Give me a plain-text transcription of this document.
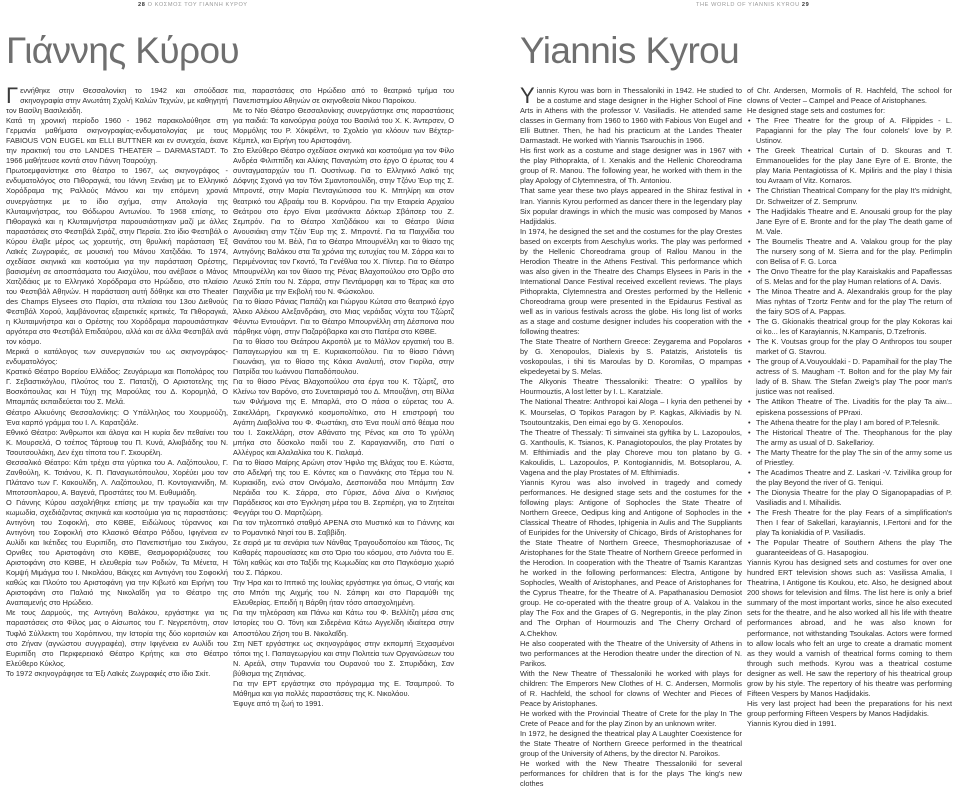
28 Ο ΚΟΣΜΟΣ ΤΟΥ ΓΙΑΝΝΗ ΚΥΡΟΥ	THE WORLD OF YIANNIS KYROU 29
Γιάννης Κύρου	Yiannis Kyrou
Γ εννήθηκε στην Θεσσαλονίκη το 1942 και σπούδασε σκηνογραφία στην Ανωτάτη Σχολή Καλών Τεχνών, με καθηγητή τον Βασίλη Βασιλειάδη.

Κατά τη χρονική περίοδο 1960 - 1962 παρακολούθησε στη Γερμανία μαθήματα σκηνογραφίας-ενδυματολογίας με τους FABIOUS VON EUGEL και ELLI BUTTNER και εν συνεχεία, έκανε την πρακτική του στο LANDES THEATER – DARMASTADT. Το 1966 μαθήτευσε κοντά στον Γιάννη Τσαρούχη.

Πρωτοεμφανίστηκε στο θέατρο το 1967, ως σκηνογράφος - ενδυματολόγος στο Πιθοραγκά, του Ιάννη Ξενάκη με το Ελληνικό Χορόδραμα της Ραλλούς Μάνου και την επόμενη χρονιά συνεργάστηκε με το ίδιο σχήμα, στην Απολογία της Κλυταιμνήστρας, του Θόδωρου Αντωνίου. Το 1968 επίσης, το Πιθοραγκά και η Κλυταιμνήστρα παρουσιάστηκαν μαζί με άλλες παραστάσεις στο Φεστιβάλ Σιράζ, στην Περσία. Στο ίδιο Φεστιβάλ ο Κύρου έλαβε μέρος ως χορευτής, στη θρυλική παράσταση Έξ Λαϊκές Ζωγραφιές, σε μουσική του Μάνου Χατζιδάκι. Το 1974, σχεδίασε σκηνικά και κοστούμια για την παράσταση Ορέστης, βασισμένη σε αποσπάσματα του Αισχύλου, που ανέβασε ο Μάνος Χατζιδάκις με το Ελληνικό Χορόδραμα στο Ηρώδειο, στο πλαίσιο του Φεστιβάλ Αθηνών. Η παράσταση αυτή δόθηκε και στο Theater des Champs Elysees στο Παρίσι, στα πλαίσια του 13ου Διεθνούς Φεστιβάλ Χορού, λαμβάνοντας εξαιρετικές κριτικές. Τα Πιθοραγκά, η Κλυταιμνήστρα και ο Ορέστης του Χορόδραμα παρουσιάστηκαν αργότερα στο Φεστιβάλ Επιδαύρου, αλλά και σε άλλα Φεστιβάλ ανά τον κόσμο.

Μερικά ο κατάλογος των συνεργασιών του ως σκηνογράφος-ενδυματολόγος:

Κρατικό Θέατρο Βορείου Ελλάδος: Ζευγάρωμα και Ποπολάρος του Γ. Σεβαστικόγλου, Πλούτος του Σ. Πατατζή, Ο Αριστοτελης της Βοσκόπουλας και Η Τύχη της Μαρούλας του Δ. Κορομηλά, Ο Μπαμπάς εκπαιδεύεται του Σ. Μελά.

Θέατρο Αλκυόνης Θεσσαλονίκης: Ο Υπάλληλος του Χουρμούζη, Ένα καρπό γράμμα του Ι. Λ. Καρατζιάλε.

Εθνικό Θέατρο: Άνθρωποι και άλογα και Η κυρία δεν πεθαίνει του Κ. Μουρσελά, Ο τσέπος Τάρτουφ του Π. Κυνά, Αλκιβιάδης του Ν. Τσουτσουλάκη, Δεν έχει τίποτα του Γ. Σκουρέλη.

Θεσσαλικό Θέατρο: Κάτι τρέχει στα γύρτικα του Α. Λαζόπουλου, Γ. Ζανθούλη, Κ. Τσιάνου, Κ. Π. Παναγιωτόπουλου, Χορέύει μου τον Πλάτανο των Γ. Κακουλίδη, Λ. Λαζόπουλου, Π. Κοντογιαννίδη, Μ. Μποτσοπλαρου, Α. Βαγενά, Προστάτες του Μ. Ευθυμιάδη.

Ο Γιάννης Κύρου ασχολήθηκε επίσης με την τραγωδία και την κωμωδία, σχεδιάζοντας σκηνικά και κοστούμια για τις παραστάσεις: Αντιγόνη του Σοφοκλή, στο ΚΘΒΕ, Ειδώλιους τύραννος και Αντιγόνη του Σοφοκλή στο Κλασικό Θέατρο Ρόδου, Ιφιγένεια εν Αυλίδι και Ικέτιδες του Ευριπίδη, στο Πανεπιστήμιο του Σικάγου, Ορνιθες του Αριστοφάνη στο ΚΘΒΕ, Θεσμοφοριάζουσες του Αριστοφάνη στο ΚΘΒΕ, Η ελευθερία των Ροδιών, Τα Μένετα, Η Κομψή Μιμάγμα του Ι. Νικολάου, Βάκχες και Αντιγόνη του Σοφοκλή καθώς και Πλούτο του Αριστοφάνη για την Κιβωτό και Ειρήνη του Αριστοφάνη στο Παλαιό της Νικολαΐδη για το Θέατρο της Αναπαμενής στο Ηρώδειο.

Με τους Δαρμούς, της Αντιγόνη Βαλάκου, εργάστηκε για τις παραστάσεις στο Φίλος μας ο Αίσωπος του Γ. Νεγρεπόντη, στον Τυφλό Σύλλεκτη του Χορόπινου, την Ιστορία της δύο κοριτσιών και στο Ζήναν (αγνώστου συγγραφέα), στην Ιφιγένεια εν Αυλίδι του Ευριπίδη στο Περιφερειακό Θέατρο Κρήτης και στο Θέατρο Ελεύθερο Κύκλος.

Το 1972 σκηνογράφησε τα Έξι Λαϊκές Ζωγραφιές στο ίδιο Σκίτ.

πια, παραστάσεις στο Ηρώδειο από το θεατρικό τμήμα του Πανεπιστημίου Αθηνών σε σκηνοθεσία Νίκου Παροίκου.

Με το Νέο Θέατρο Θεσσαλονίκης συνεργάστηκε στις παραστάσεις για παιδιά: Τα καινούργια ρούχα του Βασιλιά του Χ. Κ. Άντερσεν, Ο Μορμόλης του Ρ. Χόκφέλντ, το Σχολείο για κλόουν των Βέχτερ-Κέμπελ, και Ειρήνη του Αριστοφάνη.

Στο Ελεύθερο Θέατρο σχεδίασε σκηνικά και κοστούμια για τον Φίλο Ανδρέα Φιλιππίδη και Αλίκης Παναγιώτη στο έργο Ο έρωτας του 4 συνταγματαρχών του Π. Ουστίνωφ. Για το Ελληνικό Λαϊκό της Δόφνης Σχοινά για τον Τόνι Σμαντοπουλίδη, στην Τζόνυ Έυρ της Σ. Μπροντέ, στην Μαρία Πενταγιώτισσα του Κ. Μπηλίρη και στον θεατρικό του Αβραάμ του Β. Κορνάρου. Για την Εταιρεία Αρχαίου Θεάτρου στο έργο Είναι μεσάνυκτα Δόκτωρ Σβάιτσερ του Ζ. Σεμπρόν. Για το Θέατρο Χατζιδάκου και το Θέατρο Ιλίσια Ανουσιάκη στην Τζέιν Έυρ της Σ. Μπροντέ. Για τα Παιχνίδια του Θανάτου του Μ. Βέιλ, Για το Θέατρο Μπουρνέλλη και το θίασο της Αντιγόνης Βαλάκου στα Τα χρόνια της ευτυχίας του Μ. Σάρρα και το Περιμένοντας τον Γκοντό, Τα Γενέθλια του Χ. Πίντερ. Για το Θέατρο Μπουρνέλλη και τον θίασο της Ρένας Βλαχοπούλου στο Όρβο στο Λευκό Σπίτι του Ν. Σάρρα, στην Πεντάμορφη και το Τέρας και στο Παιχνίδια με την Εκβολή του Ν. Φώσκολου.

Για το θίασο Ράνιας Παπάζη και Γιώργου Κώτσα στο θεατρικό έργο Άλεκο Αλέκου Αλεξανδράκη, στο Μιας νεράιδας νύχτα του Τζώρτζ Φέυντω Εντουάρντ. Για το Θέατρο Μπουρνέλλη στη Δέσποινα που πάρθηκε νύφη, στην Παζαρόβαρκα και στο Πατέρα στο ΚΘΒΕ.

Για το θίασο του Θεάτρου Ακροπόλ με το Μάλλον εργατική του Β. Παπαγεωργίου και τη Ε. Κυριακοπούλου. Για το θίασο Γιάννη Γκιωνάκη, για το θίασο της Κάκια Αναλυτή, στον Γκιρίλα, στην Πατρίδα του Ιωάννου Παπαδόπουλου.

Για το θίασο Ρένας Βλαχοπούλου στα έργα του Κ. Τζώρτζ, στο Κλείνω τον Βαρόνο, στο Συνεταιρισμό του Δ. Μπουζάνη, στη Βίλλα των Φιλήμονα της Ε. Μπαρλά, στο Ο πάσα ο εύρετας του Α. Σακελλάρη, Γκραγκνικό κοσμοπολίτικο, στο Η επιστροφή του Αγάπη Διαβολίνα του Φ. Φωστάκη, στο Ένα πουλί από θέαμα που του Ι. Σακελλάρη, στον Αθάνατο της Ρένας και στο Το γρύλλη μπήκα στο δύσκολο παιδί του Ζ. Καραγιαννίδη, στο Γιατί ο Αλλέγρος και Αλαλαλίκα του Κ. Γιαλαμά.

Για το θίασο Μαίρης Αρώνη στον Ήφιλο της Βλάχας του Ε. Κώστα, στο Αδελφή της του Ε. Κόντες και ο Γιαννάκης στο Τέρμα του Ν. Κυριακίδη, ενώ στον Οινόμαλο, Δεσποινάδα που Μπάμπη Σαν Νεράιδα του Κ. Σάρρα, στο Γύρισε, Δόνα Δίνα ο Κινήσιος Παράδεισος και στο Έγκληση μέρα του Β. Σερπιέρη, για το Ζητείται Φεγγάρι του Ο. Μαρτζιώρη.

Για τον τηλεοπτικό σταθμό ΑΡΕΝΑ στο Μυστικό και το Γιάννης και το Ρομαντικό Νησί του Β. Σαββίδη.

Σε σειρά με τα σενάρια των Νάνθας Τραγουδοποίου και Τάσος, Τις Καθαρές παρουσίασες και στο Όριο του κόσμου, στο Λιόντα του Ε. Τόλη καθώς και στο Ταξίδι της Κωμωδίας και στο Παγκόσμιο χωριό του Σ. Πάρκου.

Την Ήρα και το Ιππικό της Ιουλίας εργάστηκε για όπως, Ο νταής και στο Μπότι της Αιχμής του Ν. Σάπφη και στο Παραμύθι της Ελευθερίας. Επειδή η Βάρθη ήταν τόσο απασχολημένη.

Για την τηλεόραση και Πάνω και Κάτω του Φ. Βελλίτζη μέσα στις Ιστορίες του Ο. Τόνη και Σιδερένια Κάτω Αγγελίδη ιδιαίτερα στην Αποστόλου Ζήση του Β. Νικολαΐδη.

Στη ΝΕΤ εργάστηκε ως σκηνογράφος στην εκπομπή Ξεχασμένοι τόποι της Ι. Παπαγεωργίου και στην Πολιτεία των Οργανώσεων του Ν. Αρεάλ, στην Τυραννία του Ουρανού του Σ. Σπυριδάκη, Σαν βύθισμα της Ζητιάνας.

Για την ΕΡΤ εργάστηκε στο πρόγραμμα της Ε. Τσαμπρού. Το Μάθημα και για πολλές παραστάσεις της Κ. Νικολάου.

Έφυγε από τη ζωή το 1991.

Y iannis Kyrou was born in Thessaloniki in 1942. He studied to be a costume and stage designer in the Higher School of Fine Arts in Athens with the professor V. Vasiliadis. He attended same classes in Germany from 1960 to 1960 with Fabious Von Eugel and Elli Buttner. Then, he had his practicum at the Landes Theater Darmastadt. He worked with Yiannis Tsarouchis in 1966.

His first work as a costume and stage designer was in 1967 with the play Pithoprakta, of I. Xenakis and the Hellenic Choreodrama group of R. Manou. The following year, he worked with them in the play Apology of Clytemnestra, of Th. Antoniou.

That same year these two plays appeared in the Shiraz festival in Iran. Yiannis Kyrou performed as dancer there in the legendary play Six popular drawings in which the music was composed by Manos Hadjidakis.

In 1974, he designed the set and the costumes for the play Orestes based on excerpts from Aeschylus works. The play was performed by the Hellenic Choreodrama group of Rallou Manou in the Herodion Theatre in the Athens Festival. This performance which was also given in the Theatre des Champs Elysees in Paris in the International Dance Festival received excellent reviews. The plays Pithoprakta, Clytemnestra and Orestes performed by the Hellenic Choreodrama group were presented in the Epidaurus Festival as well as in various festivals across the globe. His long list of works as a stage and costume designer includes his cooperation with the following theatres:

The State Theatre of Northern Greece: Zeygarema and Popolaros by G. Xenopoulos, Dialexis by S. Patatzis, Aristotelis tis voskopoulas, i tihi tis Maroulas by D. Koromilas, O mpampas ekpedeyetai by S. Melas.

The Alkyonis Theatre Thessaloniki: Theatre: O ypallilos by Hourmouztis, A lost letter by I. L. Karatziale.

The National Theatre: Anthropoi kai Aloga – I kyria den pethenei by K. Mourselas, O Topikos Paragon by P. Kagkas, Alkiviadis by N. Tsoutountzakis, Den eimai ego by G. Xenopoulos.

The Theatre of Thessaly: Ti simvainei sta gyftika by L. Lazopoulos, G. Xanthoulis, K. Tsianos, K. Panagiotopoulos, the play Protates by M. Efthimiadis and the play Choreve mou ton platano by G. Kakoulidis, L. Lazopoulos, P. Kontogiannidis, M. Botsoplarou, A. Vagena and the play Prostates of M. Efthimiadis.

Yiannis Kyrou was also involved in tragedy and comedy performances. He designed stage sets and the costumes for the following plays: Antigone of Sophocles the State Theatre of Northern Greece, Oedipus king and Antigone of Sophocles in the Classical Theatre of Rhodes, Iphigenia in Aulis and The Suppliants of Euripides for the University of Chicago, Birds of Aristophanes for the State Theatre of Northern Greece, Thesmophoriazusae of Aristophanes for the State Theatre of Northern Greece performed in the Herodion. In cooperation with the Theatre of Tsamis Karantzas he worked in the following performances: Electra, Antigone by Sophocles, Wealth of Aristophanes, and Peace of Aristophanes for the Cyprus Theatre, for the Theatre of A. Papathanasiou Demosiot group. He co-operated with the theatre group of A. Valakou in the play The Fox and the Grapes of G. Negrepontis, in the play Zinon and The Orphan of Hourmouzis and The Cherry Orchard of A.Chekhov.

He also cooperated with the Theatre of the University of Athens in two performances at the Herodion theatre under the direction of N. Parikos.

With the New Theatre of Thessaloniki he worked with plays for children: The Emperors New Clothes of H. C. Andersen, Mormolis of R. Hachfeld, the school for clowns of Wechter and Pieces of Peace by Aristophanes.

He worked with the Provincial Theatre of Crete for the play In The Crete of Peace and for the play Zinon by an unknown writer.

In 1972, he designed the theatrical play A Laughter Coexistence for the State Theatre of Northern Greece performed in the theatrical group of the University of Athens, by the director N. Paroikos.

He worked with the New Theatre Thessaloniki for several performances for children that is for the plays The king's new clothes

of Chr. Andersen, Mormolis of R. Hachfeld, The school for clowns of Vecter – Campel and Peace of Aristophanes.

He designed stage sets and costumes for:

• The Free Theatre for the group of A. Filippides - L. Papagianni for the play The four colonels' love by P. Ustinov.
• The Greek Theatrical Curtain of D. Skouras and T. Emmanouelides for the play Jane Eyre of E. Bronte, the play Maria Pentagiotissa of K. Mpiliris and the play I thisia tou Avraam of Vitz. Kornaros.
• The Christian Theatrical Company for the play It's midnight, Dr. Schweitzer of Z. Semprunv.
• The Hadjidakis Theatre and E. Anousaki group for the play Jane Eyre of E. Bronte and for the play The death game of M. Vale.
• The Bournelis Theatre and A. Valakou group for the play The nursery song of M. Sierra and for the play. Perlimplin con Belisa of F. G. Lorca
• The Onvo Theatre for the play Karaiskakis and Papaflessas of S. Melas and for the play Human relations of A. Davis.
• The Minoa Theatre and A. Alexandrakis group for the play Mias nyhtas of Tzortz Fentw and for the play The return of the fairy SOS of A. Pappas.
• The G. Gkionakis theatrical group for the play Kokoras kai oi ko... les of Karayiannis, N.Kampanis, D.Tzefronis.
• The K. Voutsas group for the play O Anthropos tou souper market of G. Stavrou.
• The group of A.Vouyouklaki - D. Papamihail for the play The actress of S. Maugham -T. Bolton and for the play My fair lady of B. Shaw. The Stefan Zweig's play The poor man's justice was not realised.
• The Attikon Theatre of The. Livaditis for the play Ta aiw... episkena possessions of PPraxi.
• The Athena theatre for the play I am bored of P.Telesnik.
• The Historical Theatre of The. Theophanous for the play The army as usual of D. Sakellarioy.
• The Marty Theatre for the play The sin of the army some us of Priestley.
• The Acadimos Theatre and Z. Laskari -V. Tzivilika group for the play Beyond the river of G. Teniqui.
• The Dionysia Theatre for the play O Siganopapadias of P. Vasiliadis and I. Mihailidis.
• The Fresh Theatre for the play Fears of a simplification's Then I fear of Sakellari, karayiannis, I.Fertoni and for the play Ta koniakidia of P. Vasiliadis.
• The Popular Theatre of Southern Athens the play The guaranteeideas of G. Hasapogiou.

Yiannis Kyrou has designed sets and costumes for over one hundred ERT television shows such as: Vasilissa Amalia, I Theatrina, I Antigone tis Koukou, etc. Also, he designed about 200 shows for television and films. The list here is only a brief summary of the most important works, since he also executed sets for the theatre, and he also worked all his life with theatre performances abroad, and he was also known for performance, not withstanding Tsoukalas. Actors were formed to allow locals who felt an urge to create a dramatic moment as they would a varnish of theatrical forms coming to them through such methods. Kyrou was a theatrical costume designer as well. He saw the repertory of his theatrical group grow by his style. The repertory of his theatre was performing Fifteen Vespers by Manos Hadjidakis.

His very last project had been the preparations for his next group performing Fifteen Vespers by Manos Hadjidakis.

Yiannis Kyrou died in 1991.
